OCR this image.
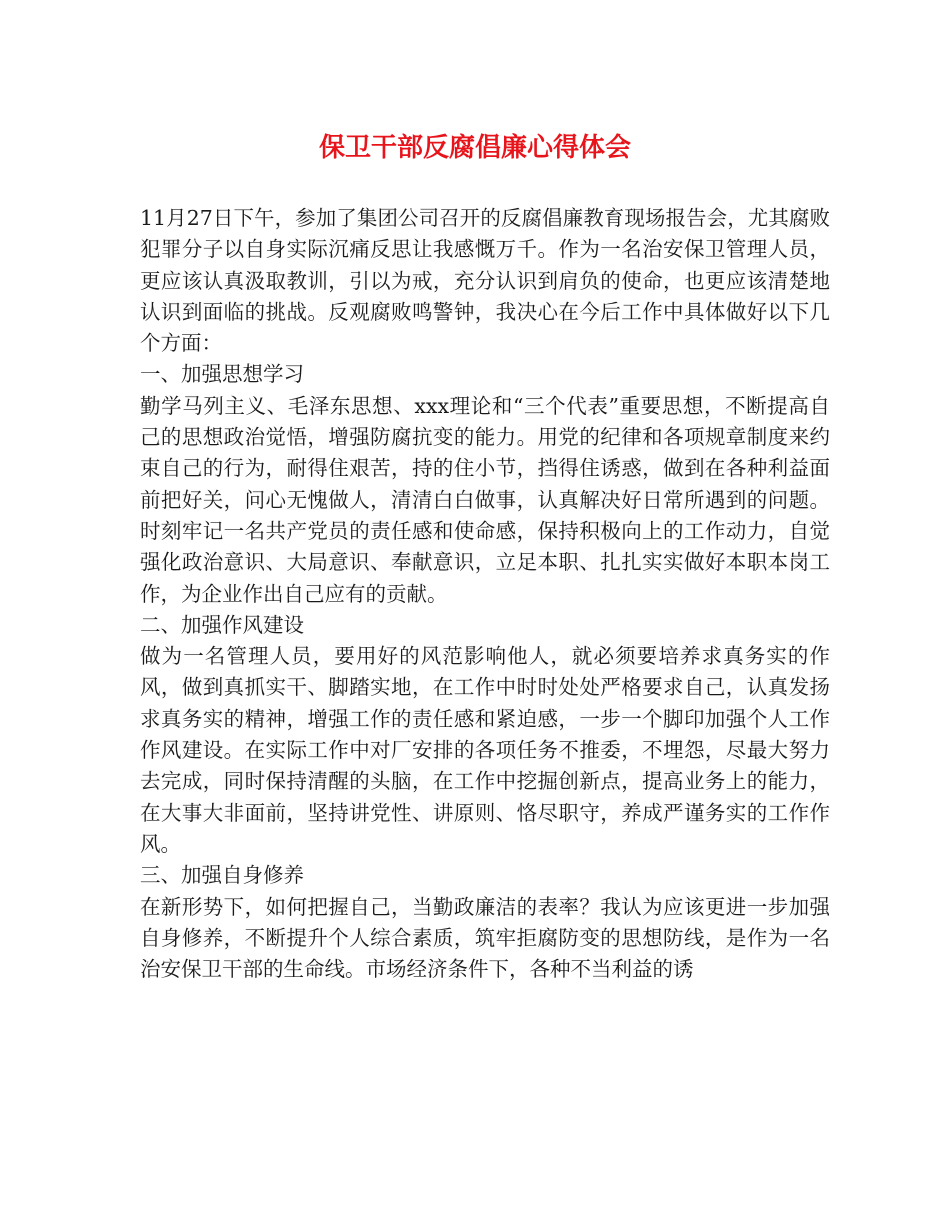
保卫干部反腐倡廉心得体会

11月27日下午，参加了集团公司召开的反腐倡廉教育现场报告会，尤其腐败犯罪分子以自身实际沉痛反思让我感慨万千。作为一名治安保卫管理人员，更应该认真汲取教训，引以为戒，充分认识到肩负的使命，也更应该清楚地认识到面临的挑战。反观腐败鸣警钟，我决心在今后工作中具体做好以下几个方面：

一、加强思想学习

勤学马列主义、毛泽东思想、xxx理论和“三个代表”重要思想，不断提高自己的思想政治觉悟，增强防腐抗变的能力。用党的纪律和各项规章制度来约束自己的行为，耐得住艰苦，持的住小节，挡得住诱惑，做到在各种利益面前把好关，问心无愧做人，清清白白做事，认真解决好日常所遇到的问题。时刻牢记一名共产党员的责任感和使命感，保持积极向上的工作动力，自觉强化政治意识、大局意识、奉献意识，立足本职、扎扎实实做好本职本岗工作，为企业作出自己应有的贡献。

二、加强作风建设

做为一名管理人员，要用好的风范影响他人，就必须要培养求真务实的作风，做到真抓实干、脚踏实地，在工作中时时处处严格要求自己，认真发扬求真务实的精神，增强工作的责任感和紧迫感，一步一个脚印加强个人工作作风建设。在实际工作中对厂安排的各项任务不推委，不埋怨，尽最大努力去完成，同时保持清醒的头脑，在工作中挖掘创新点，提高业务上的能力，在大事大非面前，坚持讲党性、讲原则、恪尽职守，养成严谨务实的工作作风。

三、加强自身修养

在新形势下，如何把握自己，当勤政廉洁的表率？我认为应该更进一步加强自身修养，不断提升个人综合素质，筑牢拒腐防变的思想防线，是作为一名治安保卫干部的生命线。市场经济条件下，各种不当利益的诱
